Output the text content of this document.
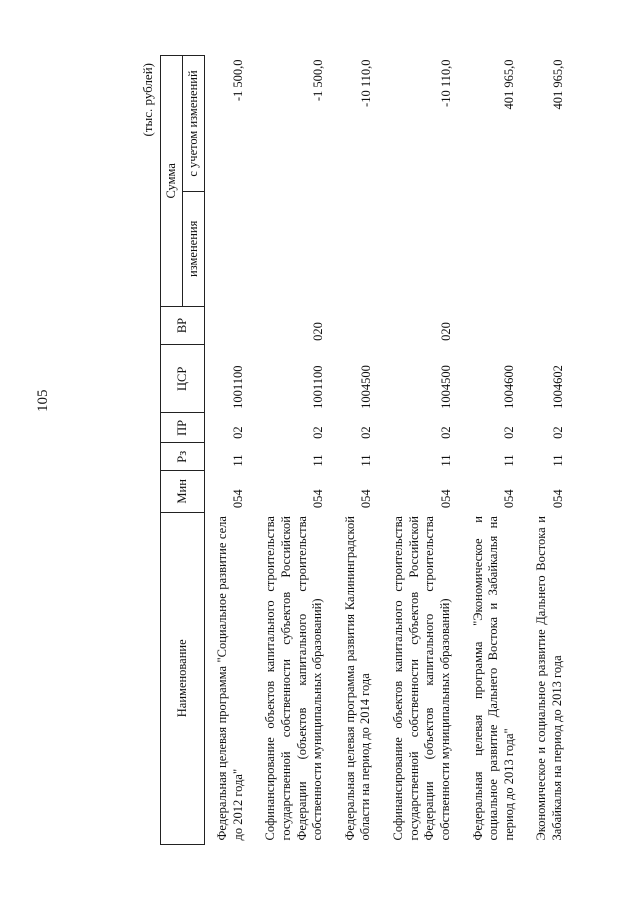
105
(тыс. рублей)
Наименование	Мин	Рз	ПР	ЦСР	ВР	Сумма	
						изменения	с учетом изменений
Федеральная целевая программа "Социальное развитие села до 2012 года"	054	11	02	1001100			-1 500,0
Софинансирование объектов капитального строительства государственной собственности субъектов Российской Федерации (объектов капитального строительства собственности муниципальных образований)	054	11	02	1001100	020		-1 500,0
Федеральная целевая программа развития Калининградской области на период до 2014 года	054	11	02	1004500			-10 110,0
Софинансирование объектов капитального строительства государственной собственности субъектов Российской Федерации (объектов капитального строительства собственности муниципальных образований)	054	11	02	1004500	020		-10 110,0
Федеральная целевая программа "Экономическое и социальное развитие Дальнего Востока и Забайкалья на период до 2013 года"	054	11	02	1004600			401 965,0
Экономическое и социальное развитие Дальнего Востока и Забайкалья на период до 2013 года	054	11	02	1004602			401 965,0
